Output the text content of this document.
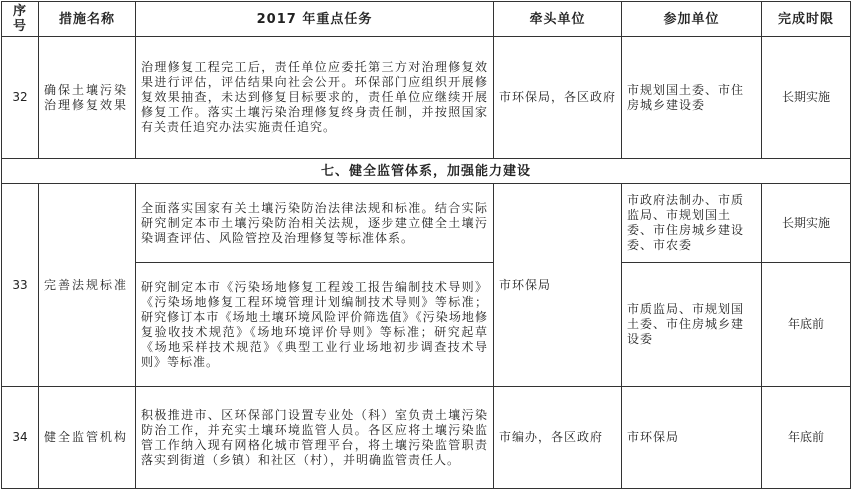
序号	措施名称	2017 年重点任务	牵头单位	参加单位	完成时限
32	确保土壤污染治理修复效果	治理修复工程完工后，责任单位应委托第三方对治理修复效果进行评估，评估结果向社会公开。环保部门应组织开展修复效果抽查，未达到修复目标要求的，责任单位应继续开展修复工作。落实土壤污染治理修复终身责任制，并按照国家有关责任追究办法实施责任追究。	市环保局，各区政府	市规划国土委、市住房城乡建设委	长期实施
七、健全监管体系，加强能力建设					
33	完善法规标准	全面落实国家有关土壤污染防治法律法规和标准。结合实际研究制定本市土壤污染防治相关法规，逐步建立健全土壤污染调查评估、风险管控及治理修复等标准体系。	市环保局	市政府法制办、市质监局、市规划国土委、市住房城乡建设委、市农委	长期实施
		研究制定本市《污染场地修复工程竣工报告编制技术导则》《污染场地修复工程环境管理计划编制技术导则》等标准；研究修订本市《场地土壤环境风险评价筛选值》《污染场地修复验收技术规范》《场地环境评价导则》等标准；研究起草《场地采样技术规范》《典型工业行业场地初步调查技术导则》等标准。		市质监局、市规划国土委、市住房城乡建设委	年底前
34	健全监管机构	积极推进市、区环保部门设置专业处（科）室负责土壤污染防治工作，并充实土壤环境监管人员。各区应将土壤污染监管工作纳入现有网格化城市管理平台，将土壤污染监管职责落实到街道（乡镇）和社区（村），并明确监管责任人。	市编办，各区政府	市环保局	年底前
